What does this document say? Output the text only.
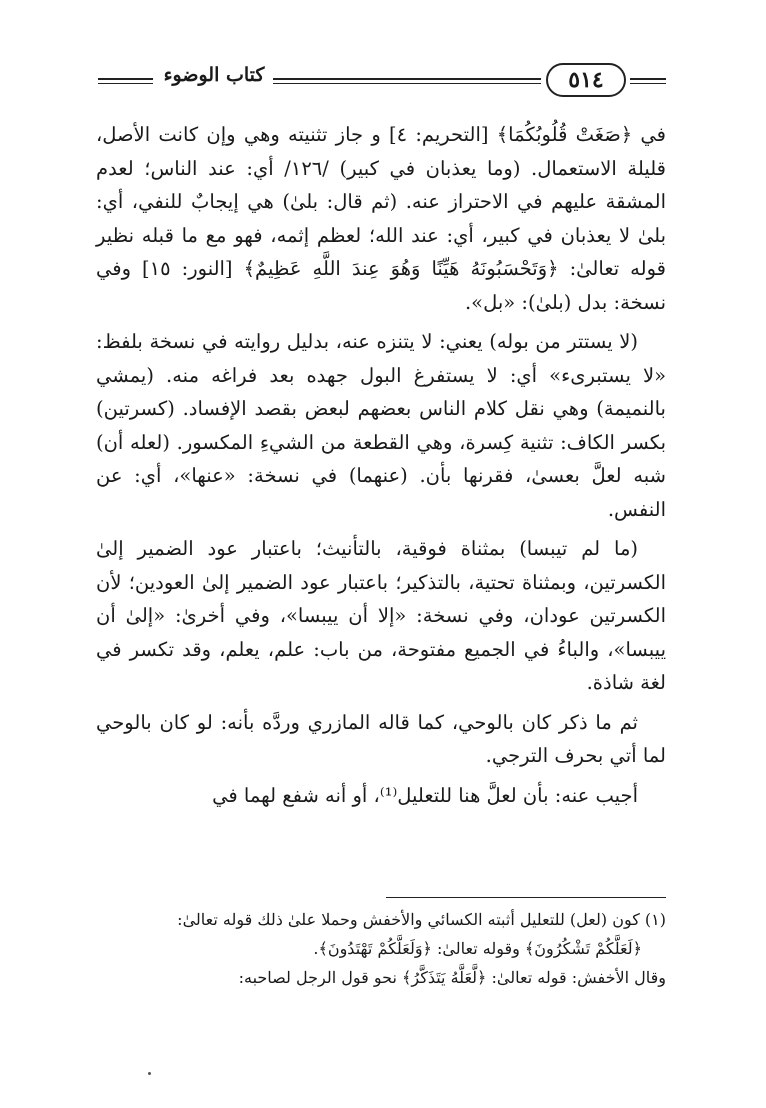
كتاب الوضوء	٥١٤

في ﴿صَغَتْ قُلُوبُكُمَا﴾ [التحريم: ٤] و جاز تثنيته وهي وإن كانت الأصل، قليلة الاستعمال. (وما يعذبان في كبير) /١٢٦/ أي: عند الناس؛ لعدم المشقة عليهم في الاحتراز عنه. (ثم قال: بلىٰ) هي إيجابٌ للنفي، أي: بلىٰ لا يعذبان في كبير، أي: عند الله؛ لعظم إثمه، فهو مع ما قبله نظير قوله تعالىٰ: ﴿وَتَحْسَبُونَهُ هَيِّنًا وَهُوَ عِندَ اللَّهِ عَظِيمٌ﴾ [النور: ١٥] وفي نسخة: بدل (بلىٰ): «بل».

(لا يستتر من بوله) يعني: لا يتنزه عنه، بدليل روايته في نسخة بلفظ: «لا يستبرىء» أي: لا يستفرغ البول جهده بعد فراغه منه. (يمشي بالنميمة) وهي نقل كلام الناس بعضهم لبعض بقصد الإفساد. (كسرتين) بكسر الكاف: تثنية كِسرة، وهي القطعة من الشيءِ المكسور. (لعله أن) شبه لعلَّ بعسىٰ، فقرنها بأن. (عنهما) في نسخة: «عنها»، أي: عن النفس.

(ما لم تيبسا) بمثناة فوقية، بالتأنيث؛ باعتبار عود الضمير إلىٰ الكسرتين، وبمثناة تحتية، بالتذكير؛ باعتبار عود الضمير إلىٰ العودين؛ لأن الكسرتين عودان، وفي نسخة: «إلا أن ييبسا»، وفي أخرىٰ: «إلىٰ أن ييبسا»، والباءُ في الجميع مفتوحة، من باب: علم، يعلم، وقد تكسر في لغة شاذة.

ثم ما ذكر كان بالوحي، كما قاله المازري وردَّه بأنه: لو كان بالوحي لما أتي بحرف الترجي.

أجيب عنه: بأن لعلَّ هنا للتعليل⁽¹⁾، أو أنه شفع لهما في

(١) كون (لعل) للتعليل أثبته الكسائي والأخفش وحملا علىٰ ذلك قوله تعالىٰ:

﴿لَعَلَّكُمْ تَشْكُرُونَ﴾ وقوله تعالىٰ: ﴿وَلَعَلَّكُمْ تَهْتَدُونَ﴾.

وقال الأخفش: قوله تعالىٰ: ﴿لَّعَلَّهُ يَتَذَكَّرُ﴾ نحو قول الرجل لصاحبه:
